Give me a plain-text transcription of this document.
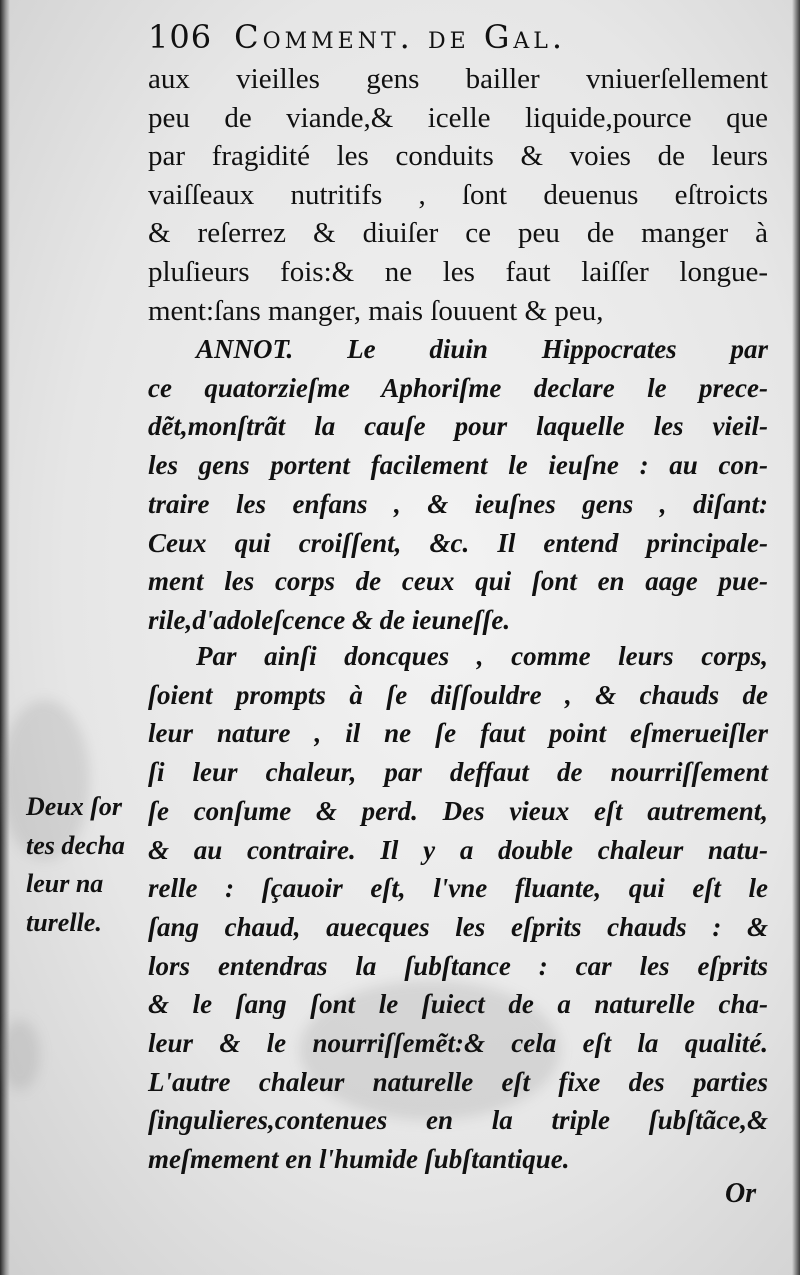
106 Comment. de Gal.
aux vieilles gens bailler vniuerſellement
peu de viande,& icelle liquide,pource que
par fragidité les conduits & voies de leurs
vaiſſeaux nutritifs , ſont deuenus eſtroicts
& reſerrez & diuiſer ce peu de manger à
pluſieurs fois:& ne les faut laiſſer longue-
ment:ſans manger, mais ſouuent & peu,
ANNOT. Le diuin Hippocrates par
ce quatorzieſme Aphoriſme declare le prece-
dẽt,monſtrãt la cauſe pour laquelle les vieil-
les gens portent facilement le ieuſne : au con-
traire les enfans , & ieuſnes gens , diſant:
Ceux qui croiſſent, &c. Il entend principale-
ment les corps de ceux qui ſont en aage pue-
rile,d'adoleſcence & de ieuneſſe.
Par ainſi doncques , comme leurs corps,
ſoient prompts à ſe diſſouldre , & chauds de
leur nature , il ne ſe faut point eſmerueiſler
ſi leur chaleur, par deffaut de nourriſſement
ſe conſume & perd. Des vieux eſt autrement,
& au contraire. Il y a double chaleur natu-
relle : ſçauoir eſt, l'vne fluante, qui eſt le
ſang chaud, auecques les eſprits chauds : &
lors entendras la ſubſtance : car les eſprits
& le ſang ſont le ſuiect de a naturelle cha-
leur & le nourriſſemẽt:& cela eſt la qualité.
L'autre chaleur naturelle eſt fixe des parties
ſingulieres,contenues en la triple ſubſtãce,&
meſmement en l'humide ſubſtantique.
Deux ſor
tes decha
leur na
turelle.
Or
